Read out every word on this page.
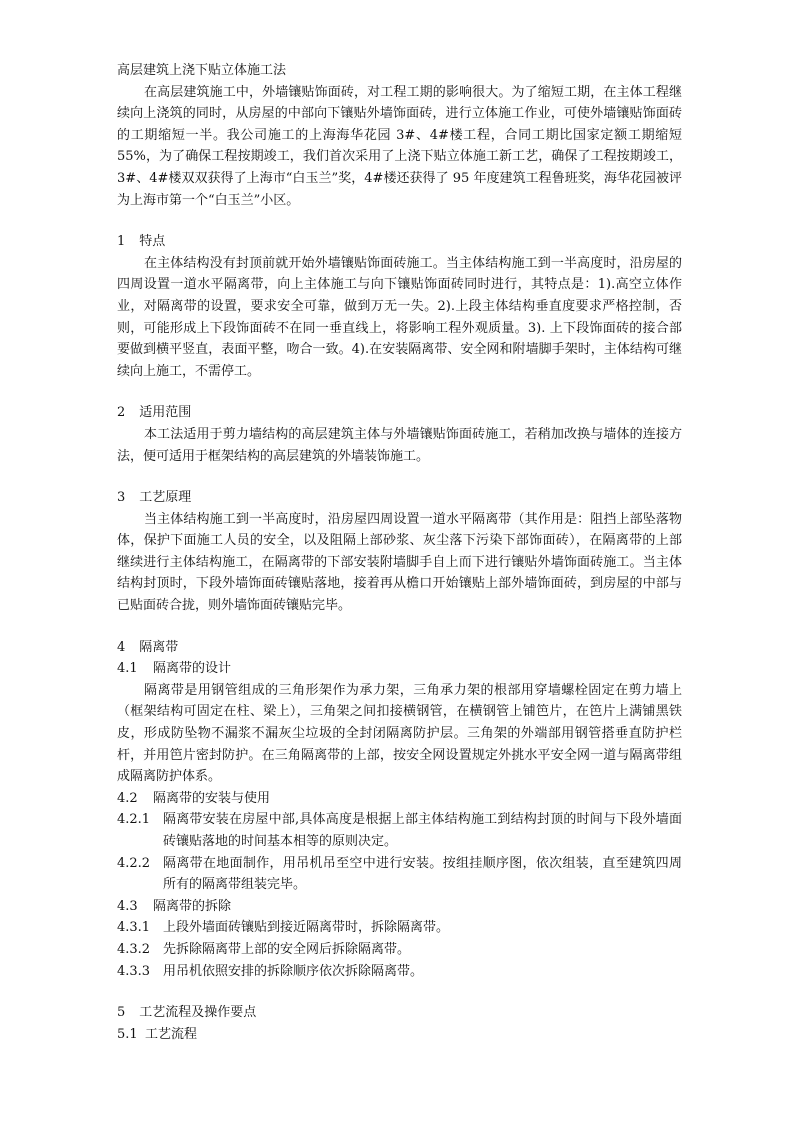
高层建筑上浇下贴立体施工法

在高层建筑施工中，外墙镶贴饰面砖，对工程工期的影响很大。为了缩短工期，在主体工程继续向上浇筑的同时，从房屋的中部向下镶贴外墙饰面砖，进行立体施工作业，可使外墙镶贴饰面砖的工期缩短一半。我公司施工的上海海华花园 3#、4#楼工程，合同工期比国家定额工期缩短 55%，为了确保工程按期竣工，我们首次采用了上浇下贴立体施工新工艺，确保了工程按期竣工，3#、4#楼双双获得了上海市“白玉兰”奖，4#楼还获得了 95 年度建筑工程鲁班奖，海华花园被评为上海市第一个“白玉兰”小区。

1
	特点

在主体结构没有封顶前就开始外墙镶贴饰面砖施工。当主体结构施工到一半高度时，沿房屋的四周设置一道水平隔离带，向上主体施工与向下镶贴饰面砖同时进行，其特点是：1).高空立体作业，对隔离带的设置，要求安全可靠，做到万无一失。2).上段主体结构垂直度要求严格控制，否则，可能形成上下段饰面砖不在同一垂直线上，将影响工程外观质量。3). 上下段饰面砖的接合部要做到横平竖直，表面平整，吻合一致。4).在安装隔离带、安全网和附墙脚手架时，主体结构可继续向上施工，不需停工。

2
	适用范围

本工法适用于剪力墙结构的高层建筑主体与外墙镶贴饰面砖施工，若稍加改换与墙体的连接方法，便可适用于框架结构的高层建筑的外墙装饰施工。

3
	工艺原理

当主体结构施工到一半高度时，沿房屋四周设置一道水平隔离带（其作用是：阻挡上部坠落物体，保护下面施工人员的安全，以及阻隔上部砂浆、灰尘落下污染下部饰面砖），在隔离带的上部继续进行主体结构施工，在隔离带的下部安装附墙脚手自上而下进行镶贴外墙饰面砖施工。当主体结构封顶时，下段外墙饰面砖镶贴落地，接着再从檐口开始镶贴上部外墙饰面砖，到房屋的中部与已贴面砖合拢，则外墙饰面砖镶贴完毕。

4
	隔离带
4.1	隔离带的设计

隔离带是用钢管组成的三角形架作为承力架，三角承力架的根部用穿墙螺栓固定在剪力墙上（框架结构可固定在柱、梁上），三角架之间扣接横钢管，在横钢管上铺笆片，在笆片上满铺黑铁皮，形成防坠物不漏浆不漏灰尘垃圾的全封闭隔离防护层。三角架的外端部用钢管搭垂直防护栏杆，并用笆片密封防护。在三角隔离带的上部，按安全网设置规定外挑水平安全网一道与隔离带组成隔离防护体系。

4.2	隔离带的安装与使用
4.2.1 隔离带安装在房屋中部,具体高度是根据上部主体结构施工到结构封顶的时间与下段外墙面砖镶贴落地的时间基本相等的原则决定。
4.2.2 隔离带在地面制作，用吊机吊至空中进行安装。按组挂顺序图，依次组装，直至建筑四周所有的隔离带组装完毕。
4.3	隔离带的拆除
4.3.1 上段外墙面砖镶贴到接近隔离带时，拆除隔离带。
4.3.2 先拆除隔离带上部的安全网后拆除隔离带。
4.3.3 用吊机依照安排的拆除顺序依次拆除隔离带。
5
	工艺流程及操作要点
5.1 工艺流程
